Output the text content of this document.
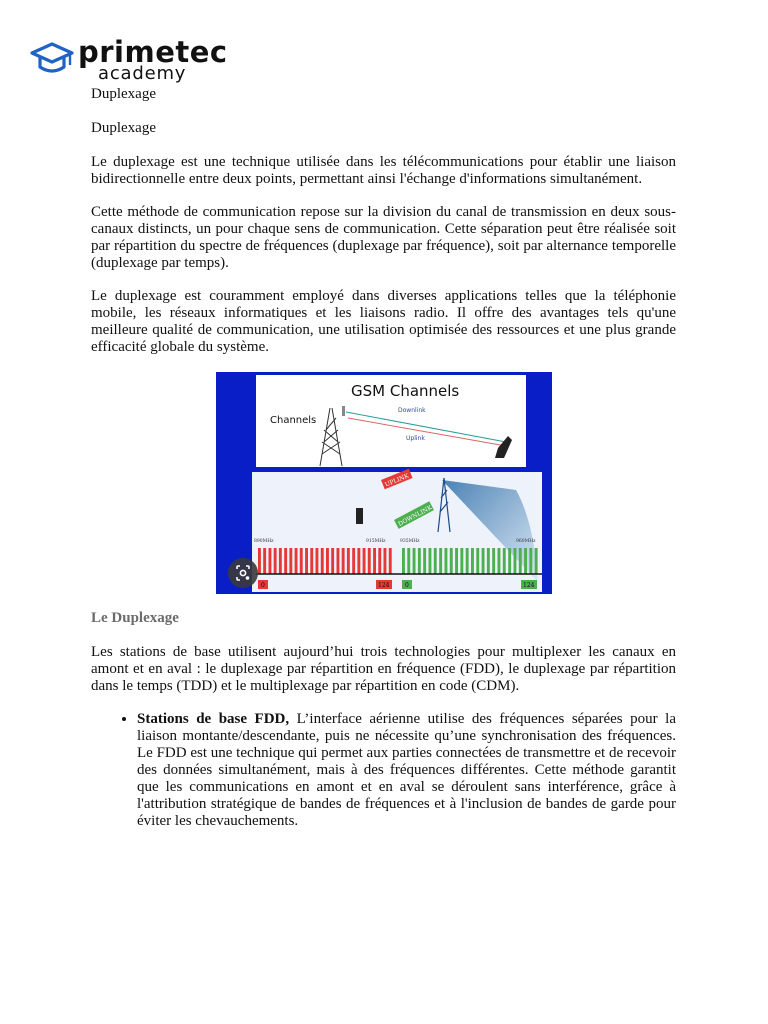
primetec
academy

Duplexage

Duplexage

Le duplexage est une technique utilisée dans les télécommunications pour établir une liaison bidirectionnelle entre deux points, permettant ainsi l'échange d'informations simultanément.

Cette méthode de communication repose sur la division du canal de transmission en deux sous-canaux distincts, un pour chaque sens de communication. Cette séparation peut être réalisée soit par répartition du spectre de fréquences (duplexage par fréquence), soit par alternance temporelle (duplexage par temps).

Le duplexage est couramment employé dans diverses applications telles que la téléphonie mobile, les réseaux informatiques et les liaisons radio. Il offre des avantages tels qu'une meilleure qualité de communication, une utilisation optimisée des ressources et une plus grande efficacité globale du système.

GSM Channels
Channels
Downlink
Uplink
UPLINK
DOWNLINK
890MHz	915MHz	935MHz	960MHz
0	124	0	124

Le Duplexage

Les stations de base utilisent aujourd’hui trois technologies pour multiplexer les canaux en amont et en aval : le duplexage par répartition en fréquence (FDD), le duplexage par répartition dans le temps (TDD) et le multiplexage par répartition en code (CDM).

• Stations de base FDD, L’interface aérienne utilise des fréquences séparées pour la liaison montante/descendante, puis ne nécessite qu’une synchronisation des fréquences. Le FDD est une technique qui permet aux parties connectées de transmettre et de recevoir des données simultanément, mais à des fréquences différentes. Cette méthode garantit que les communications en amont et en aval se déroulent sans interférence, grâce à l'attribution stratégique de bandes de fréquences et à l'inclusion de bandes de garde pour éviter les chevauchements.
